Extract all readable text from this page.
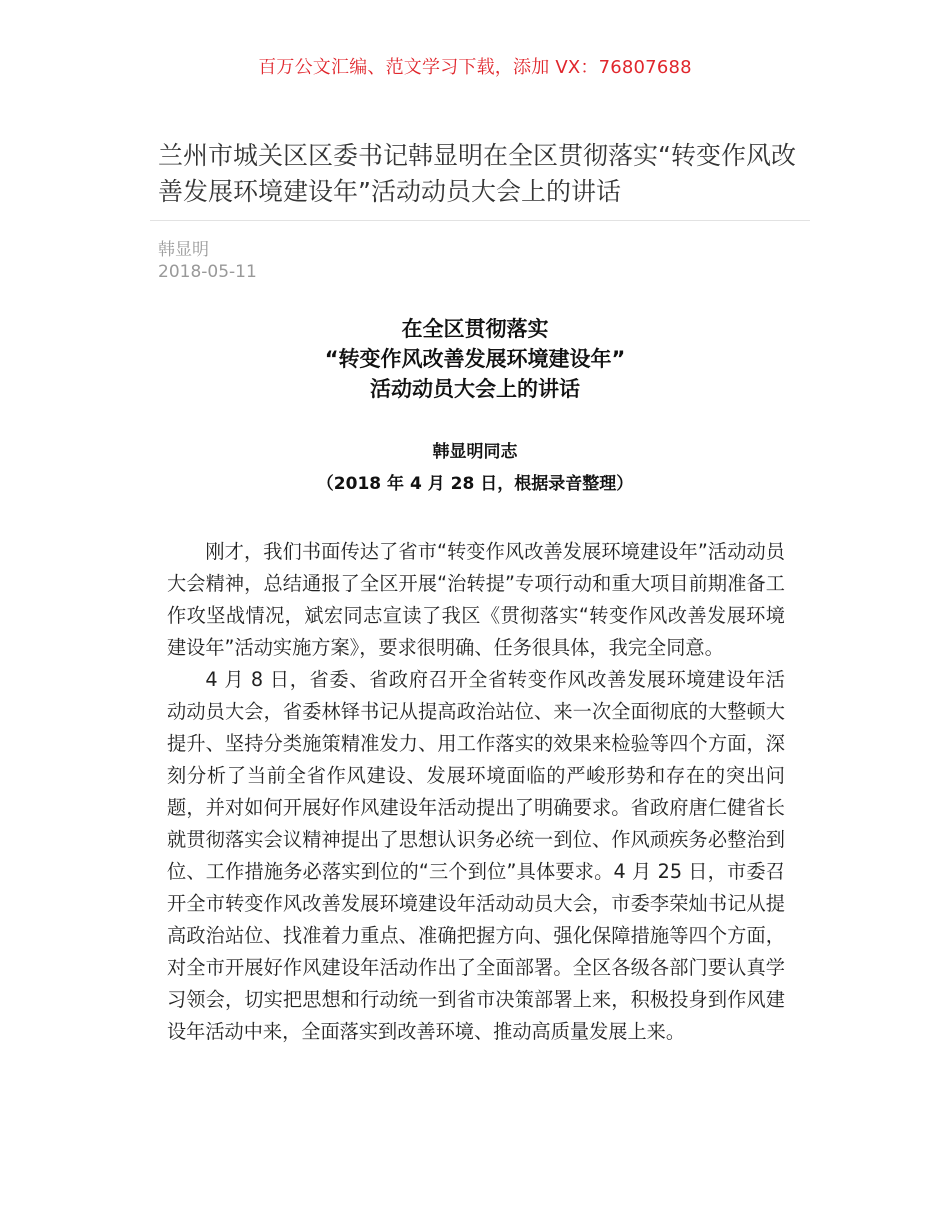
百万公文汇编、范文学习下载，添加 VX：76807688
兰州市城关区区委书记韩显明在全区贯彻落实“转变作风改善发展环境建设年”活动动员大会上的讲话
韩显明
2018-05-11
在全区贯彻落实
“转变作风改善发展环境建设年”
活动动员大会上的讲话
韩显明同志
（2018 年 4 月 28 日，根据录音整理）

刚才，我们书面传达了省市“转变作风改善发展环境建设年”活动动员大会精神，总结通报了全区开展“治转提”专项行动和重大项目前期准备工作攻坚战情况，斌宏同志宣读了我区《贯彻落实“转变作风改善发展环境建设年”活动实施方案》，要求很明确、任务很具体，我完全同意。

4 月 8 日，省委、省政府召开全省转变作风改善发展环境建设年活动动员大会，省委林铎书记从提高政治站位、来一次全面彻底的大整顿大提升、坚持分类施策精准发力、用工作落实的效果来检验等四个方面，深刻分析了当前全省作风建设、发展环境面临的严峻形势和存在的突出问题，并对如何开展好作风建设年活动提出了明确要求。省政府唐仁健省长就贯彻落实会议精神提出了思想认识务必统一到位、作风顽疾务必整治到位、工作措施务必落实到位的“三个到位”具体要求。4 月 25 日，市委召开全市转变作风改善发展环境建设年活动动员大会，市委李荣灿书记从提高政治站位、找准着力重点、准确把握方向、强化保障措施等四个方面，对全市开展好作风建设年活动作出了全面部署。全区各级各部门要认真学习领会，切实把思想和行动统一到省市决策部署上来，积极投身到作风建设年活动中来，全面落实到改善环境、推动高质量发展上来。
